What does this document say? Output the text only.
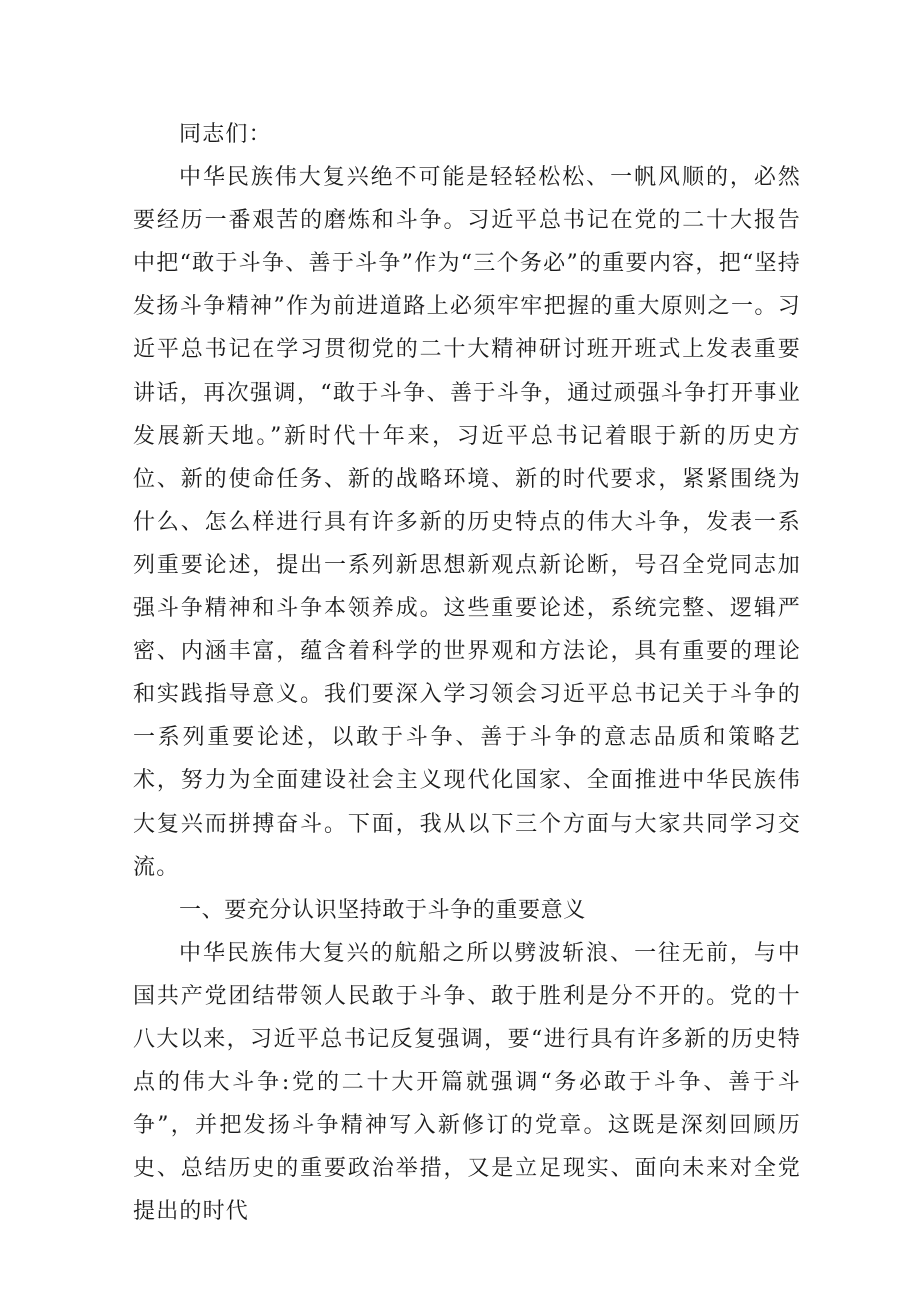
同志们：

中华民族伟大复兴绝不可能是轻轻松松、一帆风顺的，必然要经历一番艰苦的磨炼和斗争。习近平总书记在党的二十大报告中把“敢于斗争、善于斗争”作为“三个务必”的重要内容，把“坚持发扬斗争精神”作为前进道路上必须牢牢把握的重大原则之一。习近平总书记在学习贯彻党的二十大精神研讨班开班式上发表重要讲话，再次强调，“敢于斗争、善于斗争，通过顽强斗争打开事业发展新天地。”新时代十年来，习近平总书记着眼于新的历史方位、新的使命任务、新的战略环境、新的时代要求，紧紧围绕为什么、怎么样进行具有许多新的历史特点的伟大斗争，发表一系列重要论述，提出一系列新思想新观点新论断，号召全党同志加强斗争精神和斗争本领养成。这些重要论述，系统完整、逻辑严密、内涵丰富，蕴含着科学的世界观和方法论，具有重要的理论和实践指导意义。我们要深入学习领会习近平总书记关于斗争的一系列重要论述，以敢于斗争、善于斗争的意志品质和策略艺术，努力为全面建设社会主义现代化国家、全面推进中华民族伟大复兴而拼搏奋斗。下面，我从以下三个方面与大家共同学习交流。

一、要充分认识坚持敢于斗争的重要意义

中华民族伟大复兴的航船之所以劈波斩浪、一往无前，与中国共产党团结带领人民敢于斗争、敢于胜利是分不开的。党的十八大以来，习近平总书记反复强调，要“进行具有许多新的历史特点的伟大斗争:党的二十大开篇就强调“务必敢于斗争、善于斗争”，并把发扬斗争精神写入新修订的党章。这既是深刻回顾历史、总结历史的重要政治举措，又是立足现实、面向未来对全党提出的时代
